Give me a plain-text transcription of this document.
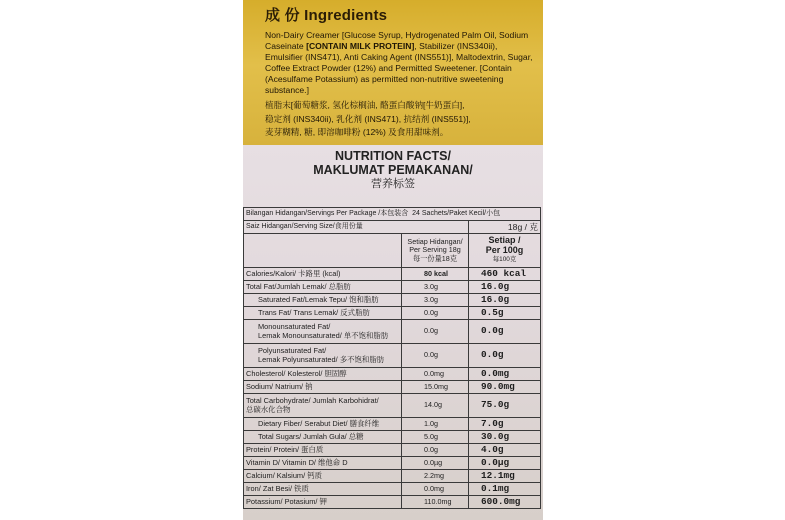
成 份 Ingredients

Non-Dairy Creamer [Glucose Syrup, Hydrogenated Palm Oil, Sodium Caseinate [CONTAIN MILK PROTEIN], Stabilizer (INS340ii), Emulsifier (INS471), Anti Caking Agent (INS551)], Maltodextrin, Sugar, Coffee Extract Powder (12%) and Permitted Sweetener. [Contain (Acesulfame Potassium) as permitted non-nutritive sweetening substance.]

植脂末[葡萄糖浆, 氢化棕榈油, 酪蛋白酸钠[牛奶蛋白],
稳定剂 (INS340ii), 乳化剂 (INS471), 抗结剂 (INS551)],
麦芽糊精, 糖, 即溶咖啡粉 (12%) 及食用甜味剂。

NUTRITION FACTS/
MAKLUMAT PEMAKANAN/
营养标签
Bilangan Hidangan/Servings Per Package /本包装含 24 Sachets/Paket Kecil/小包		
Saiz Hidangan/Serving Size/食用份量		18g / 克
	Setiap Hidangan/
Per Serving 18g
每一份量18克	Setiap /
Per 100g

每100克

Calories/Kalori/ 卡路里 (kcal)	80 kcal	460 kcal
Total Fat/Jumlah Lemak/ 总脂肪	3.0g	16.0g
Saturated Fat/Lemak Tepu/ 饱和脂肪	3.0g	16.0g
Trans Fat/ Trans Lemak/ 反式脂肪	0.0g	0.5g
Monounsaturated Fat/
Lemak Monounsaturated/ 单不饱和脂肪	0.0g	0.0g
Polyunsaturated Fat/
Lemak Polyunsaturated/ 多不饱和脂肪	0.0g	0.0g
Cholesterol/ Kolesterol/ 胆固醇	0.0mg	0.0mg
Sodium/ Natrium/ 钠	15.0mg	90.0mg
Total Carbohydrate/ Jumlah Karbohidrat/
总碳水化合物	14.0g	75.0g
Dietary Fiber/ Serabut Diet/ 膳食纤维	1.0g	7.0g
Total Sugars/ Jumlah Gula/ 总糖	5.0g	30.0g
Protein/ Protein/ 蛋白质	0.0g	4.0g
Vitamin D/ Vitamin D/ 维他命 D	0.0µg	0.0µg
Calcium/ Kalsium/ 钙质	2.2mg	12.1mg
Iron/ Zat Besi/ 铁质	0.0mg	0.1mg
Potassium/ Potasium/ 钾	110.0mg	600.0mg
